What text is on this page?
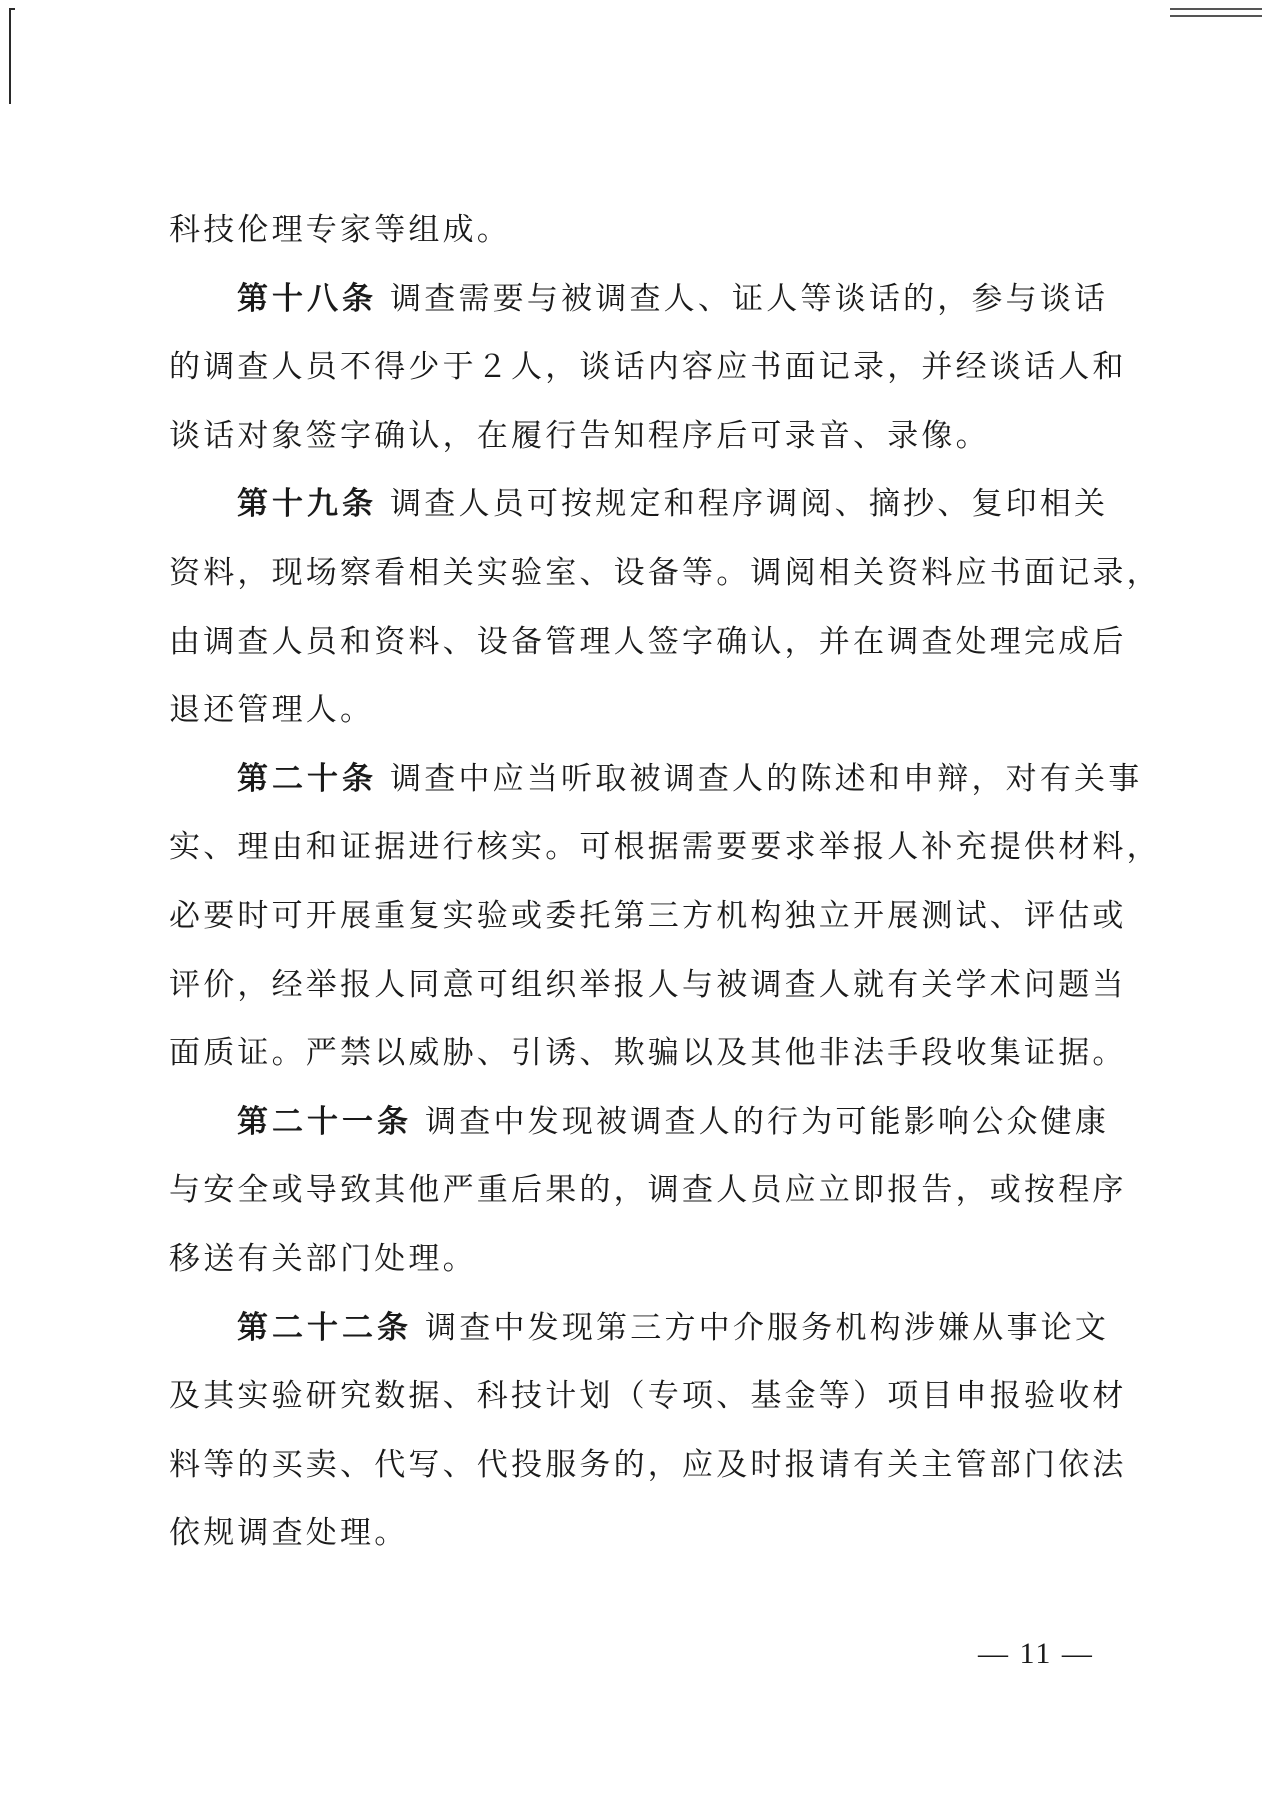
科技伦理专家等组成。
第十八条 调查需要与被调查人、证人等谈话的，参与谈话
的调查人员不得少于２人，谈话内容应书面记录，并经谈话人和
谈话对象签字确认，在履行告知程序后可录音、录像。
第十九条 调查人员可按规定和程序调阅、摘抄、复印相关
资料，现场察看相关实验室、设备等。调阅相关资料应书面记录，
由调查人员和资料、设备管理人签字确认，并在调查处理完成后
退还管理人。
第二十条 调查中应当听取被调查人的陈述和申辩，对有关事
实、理由和证据进行核实。可根据需要要求举报人补充提供材料，
必要时可开展重复实验或委托第三方机构独立开展测试、评估或
评价，经举报人同意可组织举报人与被调查人就有关学术问题当
面质证。严禁以威胁、引诱、欺骗以及其他非法手段收集证据。
第二十一条 调查中发现被调查人的行为可能影响公众健康
与安全或导致其他严重后果的，调查人员应立即报告，或按程序
移送有关部门处理。
第二十二条 调查中发现第三方中介服务机构涉嫌从事论文
及其实验研究数据、科技计划（专项、基金等）项目申报验收材
料等的买卖、代写、代投服务的，应及时报请有关主管部门依法
依规调查处理。
— 11 —
